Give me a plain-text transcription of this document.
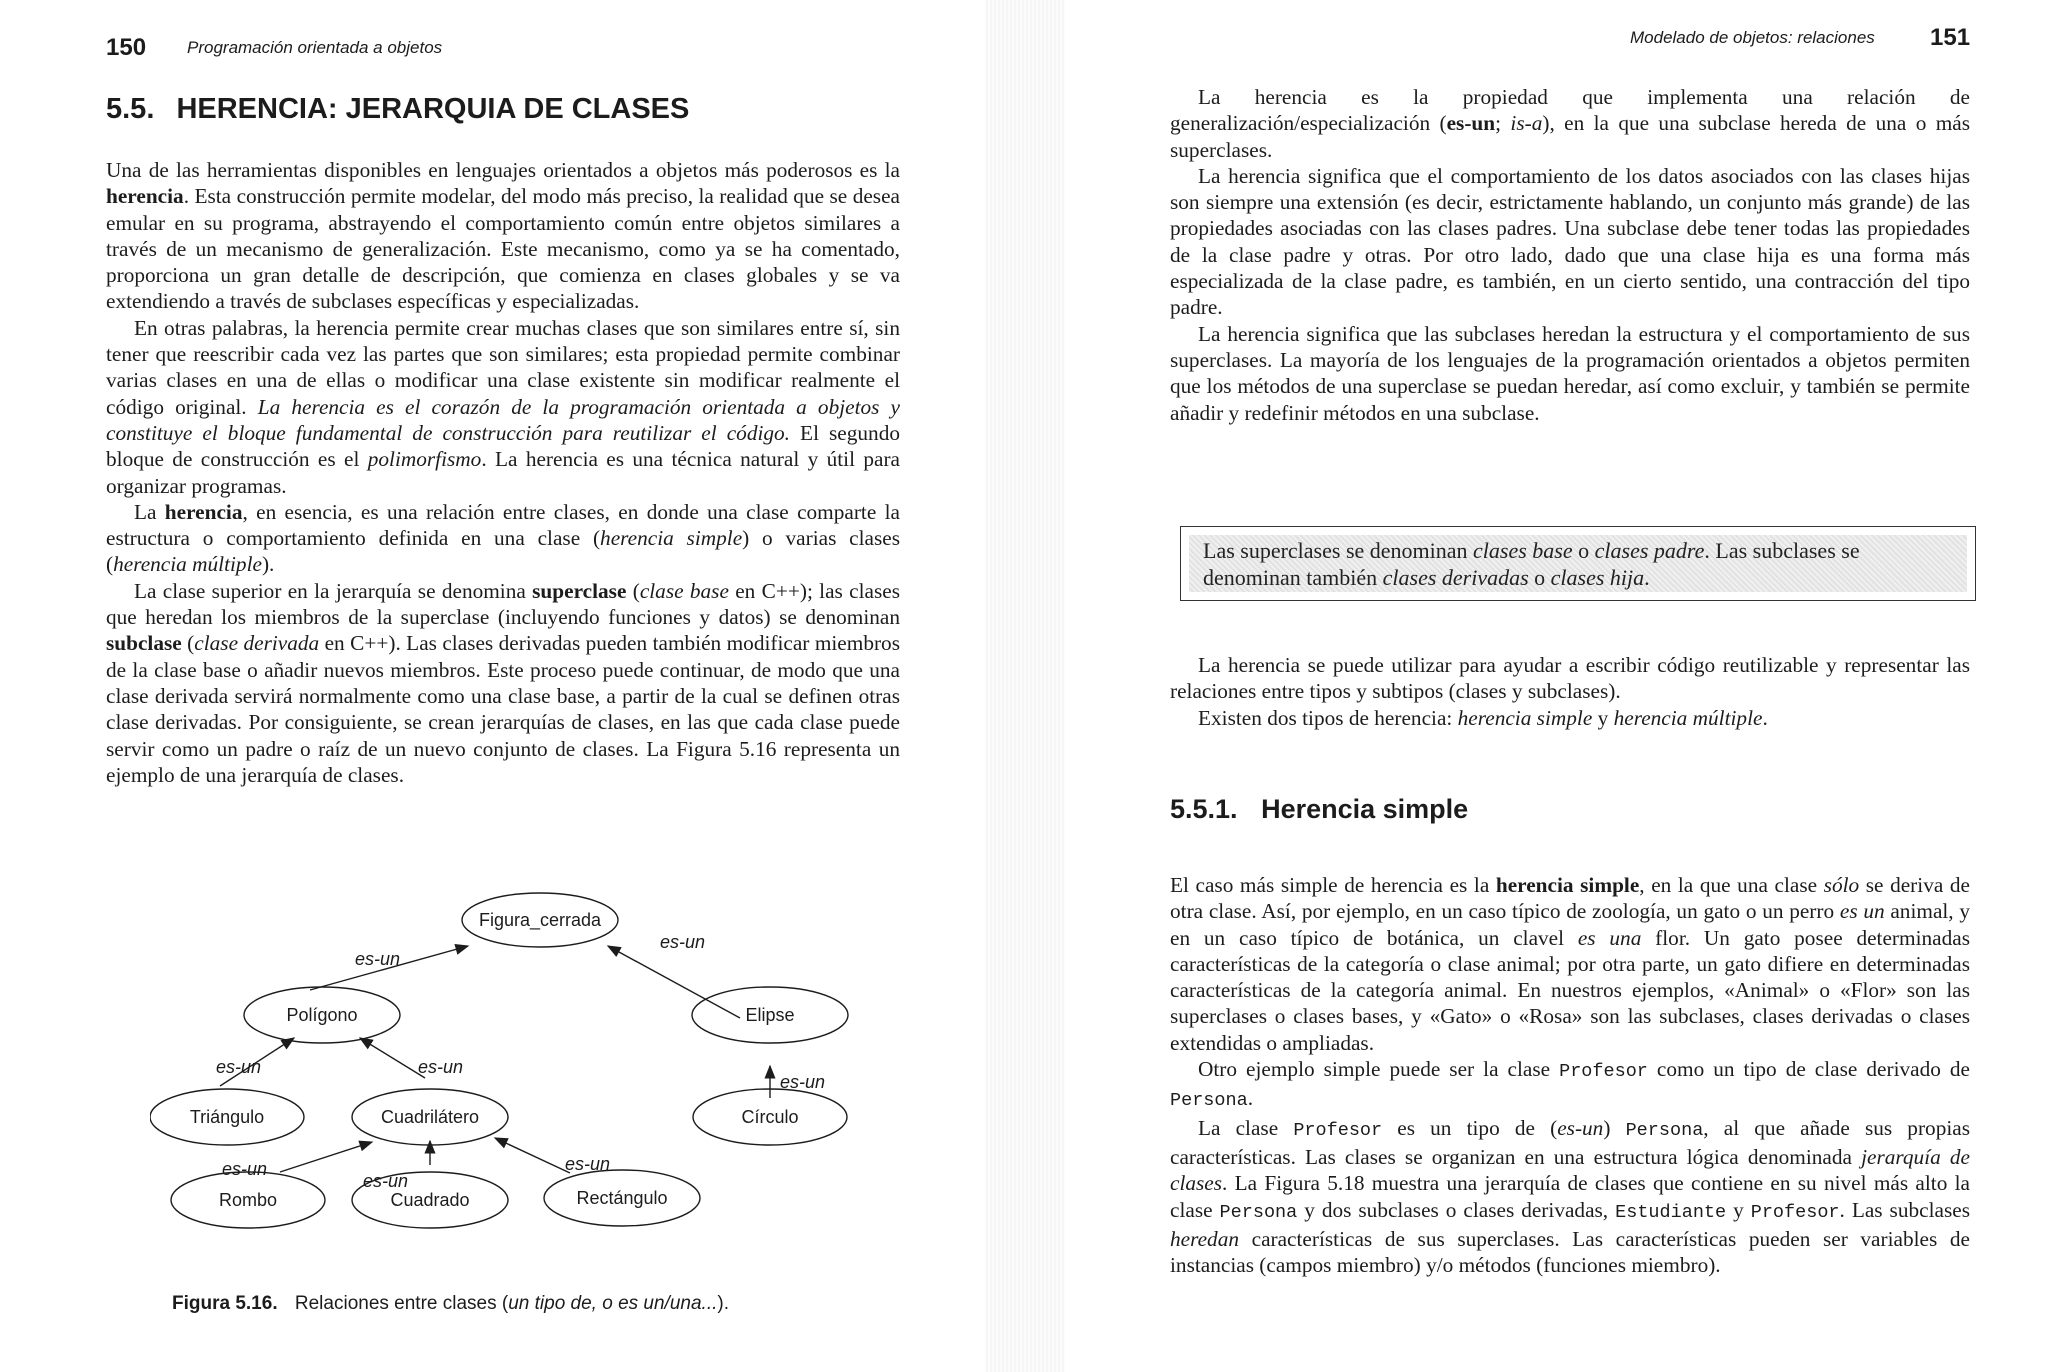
150 Programación orientada a objetos
5.5. HERENCIA: JERARQUIA DE CLASES

Una de las herramientas disponibles en lenguajes orientados a objetos más poderosos es la herencia. Esta construcción permite modelar, del modo más preciso, la realidad que se desea emular en su programa, abstrayendo el comportamiento común entre objetos similares a través de un mecanismo de generalización. Este mecanismo, como ya se ha comentado, proporciona un gran detalle de descripción, que comienza en clases globales y se va extendiendo a través de subclases específicas y especializadas.

En otras palabras, la herencia permite crear muchas clases que son similares entre sí, sin tener que reescribir cada vez las partes que son similares; esta propiedad permite combinar varias clases en una de ellas o modificar una clase existente sin modificar realmente el código original. La herencia es el corazón de la programación orientada a objetos y constituye el bloque fundamental de construcción para reutilizar el código. El segundo bloque de construcción es el polimorfismo. La herencia es una técnica natural y útil para organizar programas.

La herencia, en esencia, es una relación entre clases, en donde una clase comparte la estructura o comportamiento definida en una clase (herencia simple) o varias clases (herencia múltiple).

La clase superior en la jerarquía se denomina superclase (clase base en C++); las clases que heredan los miembros de la superclase (incluyendo funciones y datos) se denominan subclase (clase derivada en C++). Las clases derivadas pueden también modificar miembros de la clase base o añadir nuevos miembros. Este proceso puede continuar, de modo que una clase derivada servirá normalmente como una clase base, a partir de la cual se definen otras clase derivadas. Por consiguiente, se crean jerarquías de clases, en las que cada clase puede servir como un padre o raíz de un nuevo conjunto de clases. La Figura 5.16 representa un ejemplo de una jerarquía de clases.

Figura_cerrada
Polígono	Elipse
Triángulo	Cuadrilátero	Círculo
Rombo	Cuadrado	Rectángulo
es-un
es-un
es-un	es-un
es-un
es-un
es-un
es-un
Figura 5.16. Relaciones entre clases (un tipo de, o es un/una...).
Modelado de objetos: relaciones 151

La herencia es la propiedad que implementa una relación de generalización/especialización (es-un; is-a), en la que una subclase hereda de una o más superclases.

La herencia significa que el comportamiento de los datos asociados con las clases hijas son siempre una extensión (es decir, estrictamente hablando, un conjunto más grande) de las propiedades asociadas con las clases padres. Una subclase debe tener todas las propiedades de la clase padre y otras. Por otro lado, dado que una clase hija es una forma más especializada de la clase padre, es también, en un cierto sentido, una contracción del tipo padre.

La herencia significa que las subclases heredan la estructura y el comportamiento de sus superclases. La mayoría de los lenguajes de la programación orientados a objetos permiten que los métodos de una superclase se puedan heredar, así como excluir, y también se permite añadir y redefinir métodos en una subclase.

Las superclases se denominan clases base o clases padre. Las subclases se denominan también clases derivadas o clases hija.

La herencia se puede utilizar para ayudar a escribir código reutilizable y representar las relaciones entre tipos y subtipos (clases y subclases).

Existen dos tipos de herencia: herencia simple y herencia múltiple.

5.5.1. Herencia simple

El caso más simple de herencia es la herencia simple, en la que una clase sólo se deriva de otra clase. Así, por ejemplo, en un caso típico de zoología, un gato o un perro es un animal, y en un caso típico de botánica, un clavel es una flor. Un gato posee determinadas características de la categoría o clase animal; por otra parte, un gato difiere en determinadas características de la categoría animal. En nuestros ejemplos, «Animal» o «Flor» son las superclases o clases bases, y «Gato» o «Rosa» son las subclases, clases derivadas o clases extendidas o ampliadas.

Otro ejemplo simple puede ser la clase Profesor como un tipo de clase derivado de Persona.

La clase Profesor es un tipo de (es-un) Persona, al que añade sus propias características. Las clases se organizan en una estructura lógica denominada jerarquía de clases. La Figura 5.18 muestra una jerarquía de clases que contiene en su nivel más alto la clase Persona y dos subclases o clases derivadas, Estudiante y Profesor. Las subclases heredan características de sus superclases. Las características pueden ser variables de instancias (campos miembro) y/o métodos (funciones miembro).
